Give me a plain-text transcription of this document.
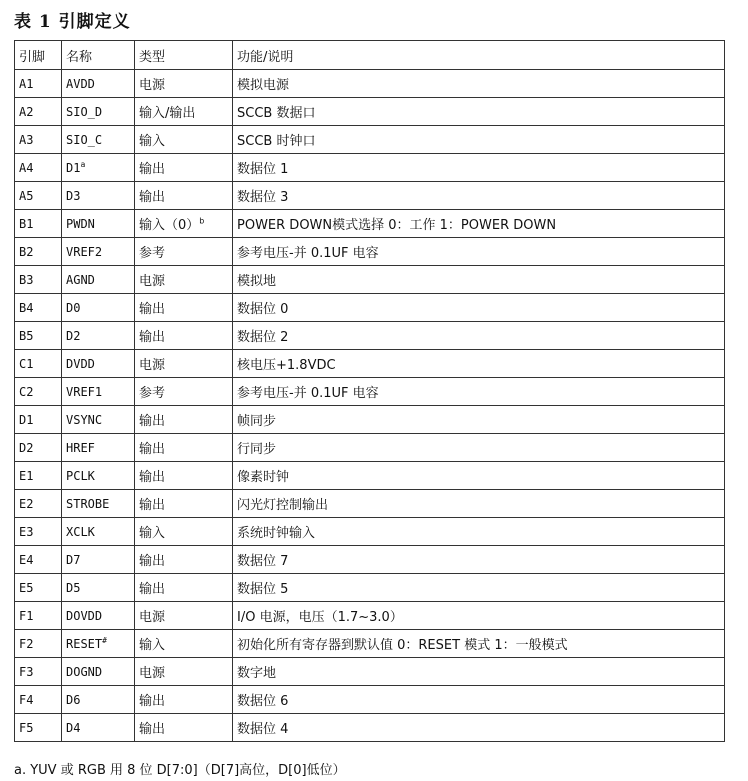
表 1 引脚定义
引脚	名称	类型	功能/说明
A1	AVDD	电源	模拟电源
A2	SIO_D	输入/输出	SCCB 数据口
A3	SIO_C	输入	SCCB 时钟口
A4	D1$^a$	输出	数据位 1
A5	D3	输出	数据位 3
B1	PWDN	输入$(0)^b$	POWER DOWN模式选择 0：工作 1：POWER DOWN
B2	VREF2	参考	参考电压-并 0.1UF 电容
B3	AGND	电源	模拟地
B4	D0	输出	数据位 0
B5	D2	输出	数据位 2
C1	DVDD	电源	核电压+1.8VDC
C2	VREF1	参考	参考电压-并 0.1UF 电容
D1	VSYNC	输出	帧同步
D2	HREF	输出	行同步
E1	PCLK	输出	像素时钟
E2	STROBE	输出	闪光灯控制输出
E3	XCLK	输入	系统时钟输入
E4	D7	输出	数据位 7
E5	D5	输出	数据位 5
F1	DOVDD	电源	I/O 电源，电压（1.7~3.0）
F2	RESET#	输入	初始化所有寄存器到默认值 0：RESET 模式 1：一般模式
F3	DOGND	电源	数字地
F4	D6	输出	数据位 6
F5	D4	输出	数据位 4
a. YUV 或 RGB 用 8 位 D[7:0]（D[7]高位，D[0]低位）
